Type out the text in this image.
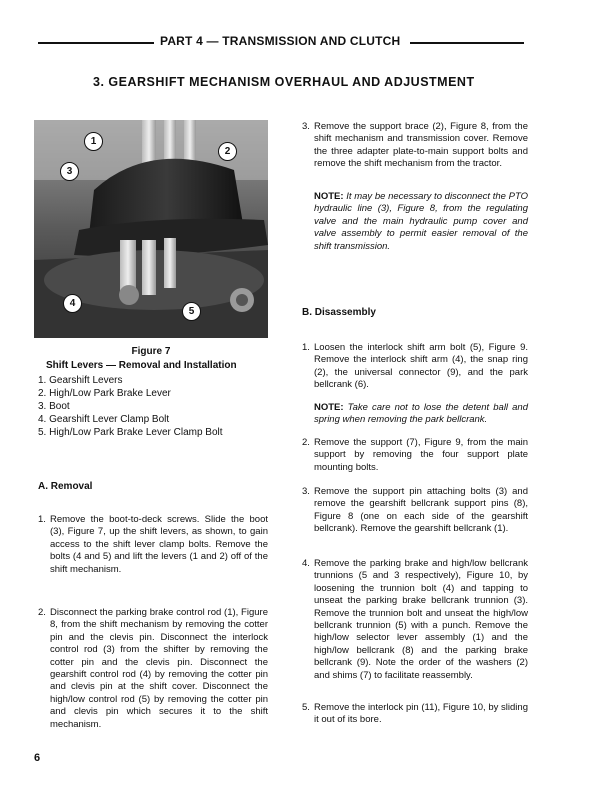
PART 4 — TRANSMISSION AND CLUTCH
3. GEARSHIFT MECHANISM OVERHAUL AND ADJUSTMENT
1
2
3
4
5
Figure 7
Shift Levers — Removal and Installation
1. Gearshift Levers
2. High/Low Park Brake Lever
3. Boot
4. Gearshift Lever Clamp Bolt
5. High/Low Park Brake Lever Clamp Bolt
A. Removal
1. Remove the boot-to-deck screws. Slide the boot (3), Figure 7, up the shift levers, as shown, to gain access to the shift lever clamp bolts. Remove the bolts (4 and 5) and lift the levers (1 and 2) off of the shift mechanism.
2. Disconnect the parking brake control rod (1), Figure 8, from the shift mechanism by removing the cotter pin and the clevis pin. Disconnect the interlock control rod (3) from the shifter by removing the cotter pin and the clevis pin. Disconnect the gearshift control rod (4) by removing the cotter pin and clevis pin at the shift cover. Disconnect the high/low control rod (5) by removing the cotter pin and clevis pin which secures it to the shift mechanism.
3. Remove the support brace (2), Figure 8, from the shift mechanism and transmission cover. Remove the three adapter plate-to-main support bolts and remove the shift mechanism from the tractor.
NOTE: It may be necessary to disconnect the PTO hydraulic line (3), Figure 8, from the regulating valve and the main hydraulic pump cover and valve assembly to permit easier removal of the shift transmission.
B. Disassembly
1. Loosen the interlock shift arm bolt (5), Figure 9. Remove the interlock shift arm (4), the snap ring (2), the universal connector (9), and the park bellcrank (6).
NOTE: Take care not to lose the detent ball and spring when removing the park bellcrank.
2. Remove the support (7), Figure 9, from the main support by removing the four support plate mounting bolts.
3. Remove the support pin attaching bolts (3) and remove the gearshift bellcrank support pins (8), Figure 8 (one on each side of the gearshift bellcrank). Remove the gearshift bellcrank (1).
4. Remove the parking brake and high/low bellcrank trunnions (5 and 3 respectively), Figure 10, by loosening the trunnion bolt (4) and tapping to unseat the parking brake bellcrank trunnion (3). Remove the trunnion bolt and unseat the high/low bellcrank trunnion (5) with a punch. Remove the high/low selector lever assembly (1) and the high/low bellcrank (8) and the parking brake bellcrank (9). Note the order of the washers (2) and shims (7) to facilitate reassembly.
5. Remove the interlock pin (11), Figure 10, by sliding it out of its bore.
6
